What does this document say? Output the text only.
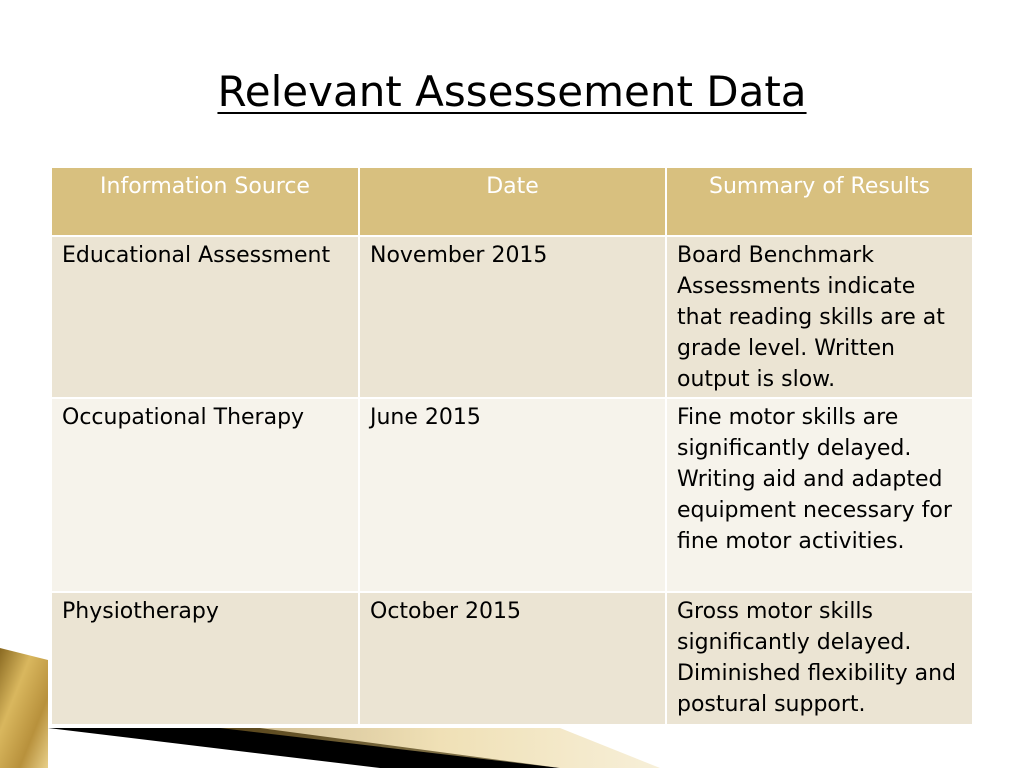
Relevant Assessement Data
Information Source	Date	Summary of Results
Educational Assessment	November 2015	Board Benchmark Assessments indicate that reading skills are at grade level. Written output is slow.
Occupational Therapy	June 2015	Fine motor skills are significantly delayed. Writing aid and adapted equipment necessary for fine motor activities.
Physiotherapy	October 2015	Gross motor skills significantly delayed. Diminished flexibility and postural support.
